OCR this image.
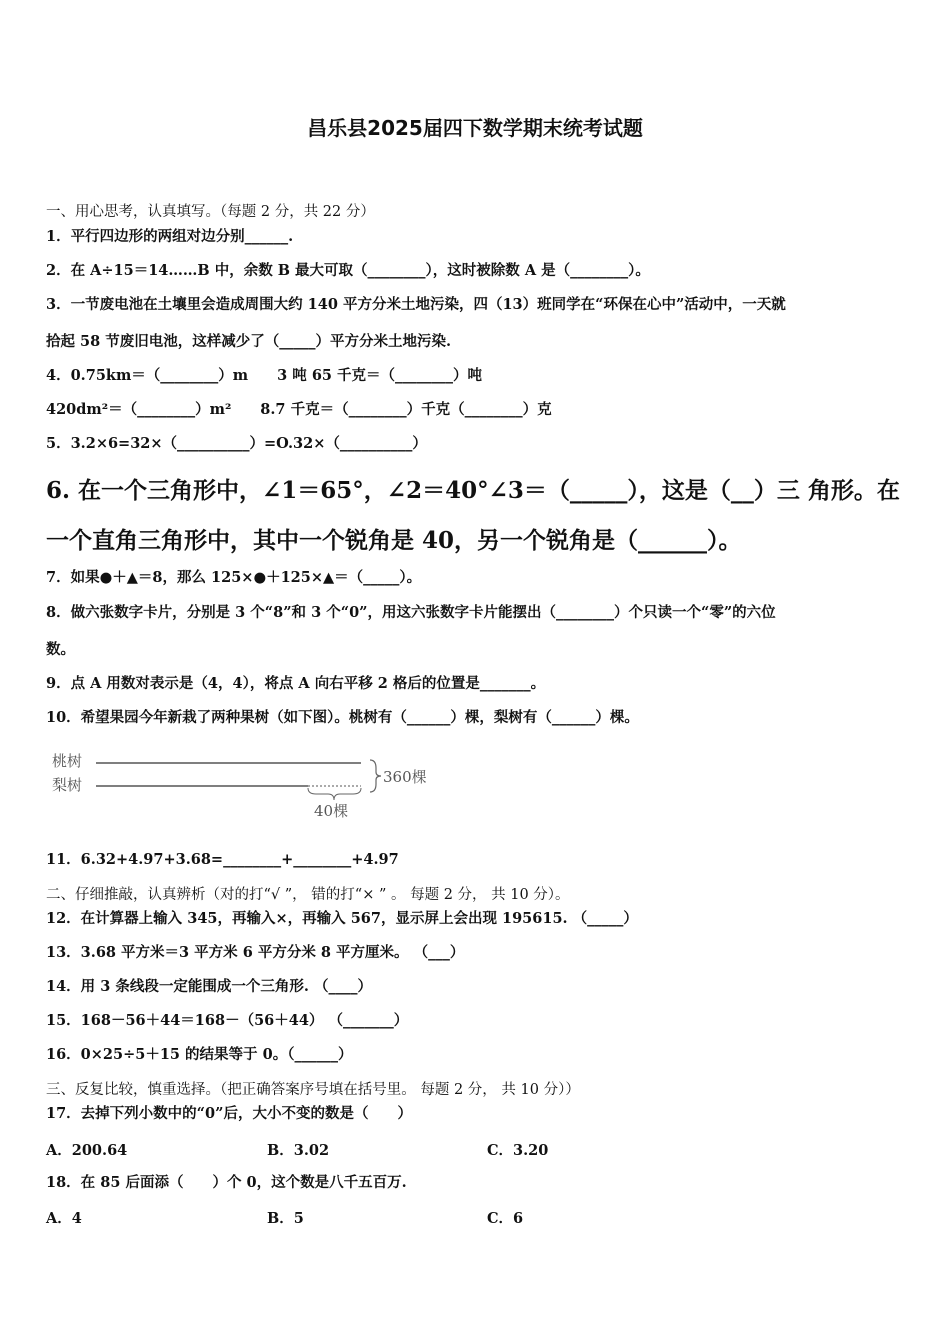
昌乐县2025届四下数学期末统考试题
一、用心思考，认真填写。（每题 2 分，共 22 分）
1．平行四边形的两组对边分别______.
2．在 A÷15＝14……B 中，余数 B 最大可取（________），这时被除数 A 是（________）。
3．一节废电池在土壤里会造成周围大约 140 平方分米土地污染，四（13）班同学在“环保在心中”活动中，一天就
拾起 58 节废旧电池，这样减少了（_____）平方分米土地污染.
4．0.75km＝（________）m　　3 吨 65 千克＝（________）吨
420dm²＝（________）m²　　8.7 千克＝（________）千克（________）克
5．3.2×6=32×（__________）=O.32×（__________）
6. 在一个三角形中，∠1＝65°，∠2＝40°∠3＝（_____），这是（__）三 角形。在
一个直角三角形中，其中一个锐角是 40，另一个锐角是（______）。
7．如果●＋▲＝8，那么 125×●＋125×▲＝（_____）。
8．做六张数字卡片，分别是 3 个“8”和 3 个“0”，用这六张数字卡片能摆出（________）个只读一个“零”的六位
数。
9．点 A 用数对表示是（4，4），将点 A 向右平移 2 格后的位置是_______。
10．希望果园今年新栽了两种果树（如下图）。桃树有（______）棵，梨树有（______）棵。
桃树
梨树	360棵
40棵
11．6.32+4.97+3.68=________+________+4.97
二、仔细推敲，认真辨析（对的打“√ ”， 错的打“× ” 。 每题 2 分， 共 10 分）。
12．在计算器上输入 345，再输入×，再输入 567，显示屏上会出现 195615. （_____）
13．3.68 平方米＝3 平方米 6 平方分米 8 平方厘米。 （___）
14．用 3 条线段一定能围成一个三角形. （____）
15．168－56＋44＝168－（56＋44） （_______）
16．0×25÷5＋15 的结果等于 0。（______）
三、反复比较，慎重选择。（把正确答案序号填在括号里。 每题 2 分， 共 10 分））
17．去掉下列小数中的“0”后，大小不变的数是（　　）
A．200.64	B．3.02	C．3.20
18．在 85 后面添（　　）个 0，这个数是八千五百万.
A．4	B．5	C．6
